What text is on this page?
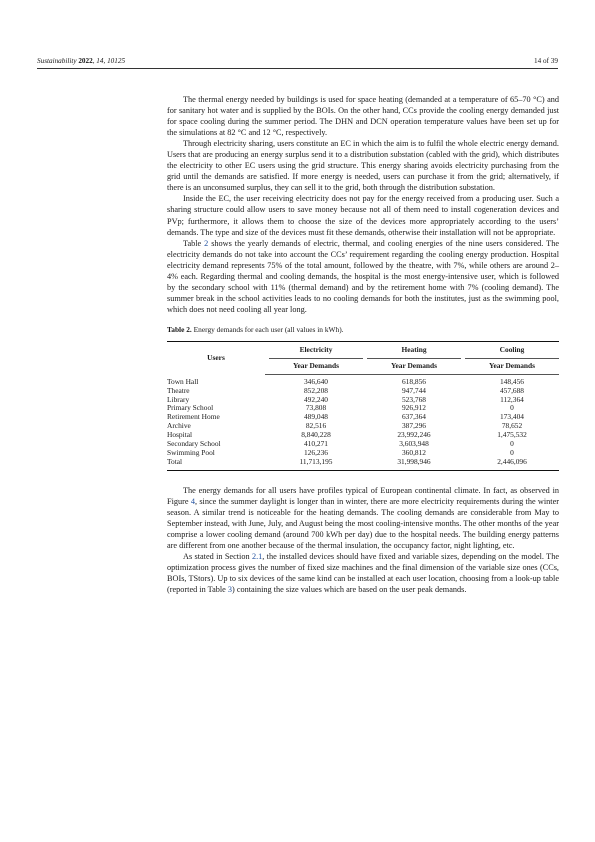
Sustainability 2022, 14, 10125	14 of 39

The thermal energy needed by buildings is used for space heating (demanded at a temperature of 65–70 °C) and for sanitary hot water and is supplied by the BOIs. On the other hand, CCs provide the cooling energy demanded just for space cooling during the summer period. The DHN and DCN operation temperature values have been set up for the simulations at 82 °C and 12 °C, respectively.

Through electricity sharing, users constitute an EC in which the aim is to fulfil the whole electric energy demand. Users that are producing an energy surplus send it to a distribution substation (cabled with the grid), which distributes the electricity to other EC users using the grid structure. This energy sharing avoids electricity purchasing from the grid until the demands are satisfied. If more energy is needed, users can purchase it from the grid; alternatively, if there is an unconsumed surplus, they can sell it to the grid, both through the distribution substation.

Inside the EC, the user receiving electricity does not pay for the energy received from a producing user. Such a sharing structure could allow users to save money because not all of them need to install cogeneration devices and PVp; furthermore, it allows them to choose the size of the devices more appropriately according to the users’ demands. The type and size of the devices must fit these demands, otherwise their installation will not be appropriate.

Table 2 shows the yearly demands of electric, thermal, and cooling energies of the nine users considered. The electricity demands do not take into account the CCs’ requirement regarding the cooling energy production. Hospital electricity demand represents 75% of the total amount, followed by the theatre, with 7%, while others are around 2–4% each. Regarding thermal and cooling demands, the hospital is the most energy-intensive user, which is followed by the secondary school with 11% (thermal demand) and by the retirement home with 7% (cooling demand). The summer break in the school activities leads to no cooling demands for both the institutes, just as the swimming pool, which does not need cooling all year long.

Table 2. Energy demands for each user (all values in kWh).
Users		Electricity		Heating		Cooling
		Year Demands		Year Demands		Year Demands
Town Hall		346,640		618,856		148,456
Theatre		852,208		947,744		457,688
Library		492,240		523,768		112,364
Primary School		73,808		926,912		0
Retirement Home		489,048		637,364		173,404
Archive		82,516		387,296		78,652
Hospital		8,840,228		23,992,246		1,475,532
Secondary School		410,271		3,603,948		0
Swimming Pool		126,236		360,812		0
Total		11,713,195		31,998,946		2,446,096

The energy demands for all users have profiles typical of European continental climate. In fact, as observed in Figure 4, since the summer daylight is longer than in winter, there are more electricity requirements during the winter season. A similar trend is noticeable for the heating demands. The cooling demands are considerable from May to September instead, with June, July, and August being the most cooling-intensive months. The other months of the year comprise a lower cooling demand (around 700 kWh per day) due to the hospital needs. The building energy patterns are different from one another because of the thermal insulation, the occupancy factor, night lighting, etc.

As stated in Section 2.1, the installed devices should have fixed and variable sizes, depending on the model. The optimization process gives the number of fixed size machines and the final dimension of the variable size ones (CCs, BOIs, TStors). Up to six devices of the same kind can be installed at each user location, choosing from a look-up table (reported in Table 3) containing the size values which are based on the user peak demands.
